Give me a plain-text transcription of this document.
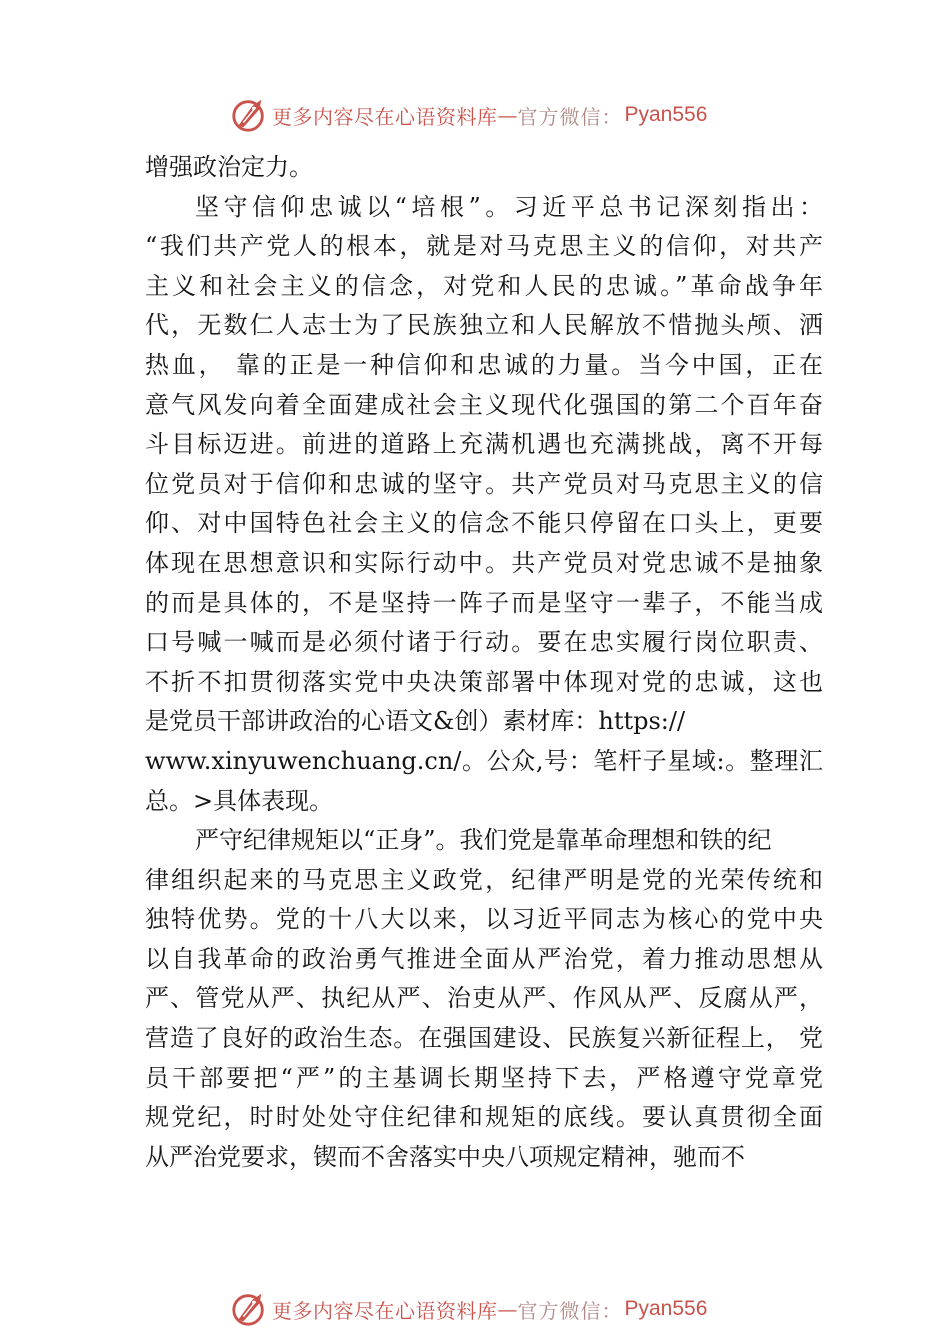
更多内容尽在心语资料库 — 官方微信： Pyan556
增强政治定力。
坚守信仰忠诚以“培根”。习近平总书记深刻指出：
“我们共产党人的根本，就是对马克思主义的信仰，对共产
主义和社会主义的信念，对党和人民的忠诚。”革命战争年
代，无数仁人志士为了民族独立和人民解放不惜抛头颅、洒
热血， 靠的正是一种信仰和忠诚的力量。当今中国，正在
意气风发向着全面建成社会主义现代化强国的第二个百年奋
斗目标迈进。前进的道路上充满机遇也充满挑战，离不开每
位党员对于信仰和忠诚的坚守。共产党员对马克思主义的信
仰、对中国特色社会主义的信念不能只停留在口头上，更要
体现在思想意识和实际行动中。共产党员对党忠诚不是抽象
的而是具体的，不是坚持一阵子而是坚守一辈子，不能当成
口号喊一喊而是必须付诸于行动。要在忠实履行岗位职责、
不折不扣贯彻落实党中央决策部署中体现对党的忠诚，这也
是党员干部讲政治的心语文&创）素材库：https://
www.xinyuwenchuang.cn/。公众,号：笔杆子星域:。整理汇
总。>具体表现。
严守纪律规矩以“正身”。我们党是靠革命理想和铁的纪
律组织起来的马克思主义政党，纪律严明是党的光荣传统和
独特优势。党的十八大以来，以习近平同志为核心的党中央
以自我革命的政治勇气推进全面从严治党，着力推动思想从
严、管党从严、执纪从严、治吏从严、作风从严、反腐从严，
营造了良好的政治生态。在强国建设、民族复兴新征程上， 党
员干部要把“严”的主基调长期坚持下去，严格遵守党章党
规党纪，时时处处守住纪律和规矩的底线。要认真贯彻全面
从严治党要求，锲而不舍落实中央八项规定精神，驰而不
更多内容尽在心语资料库 — 官方微信： Pyan556
